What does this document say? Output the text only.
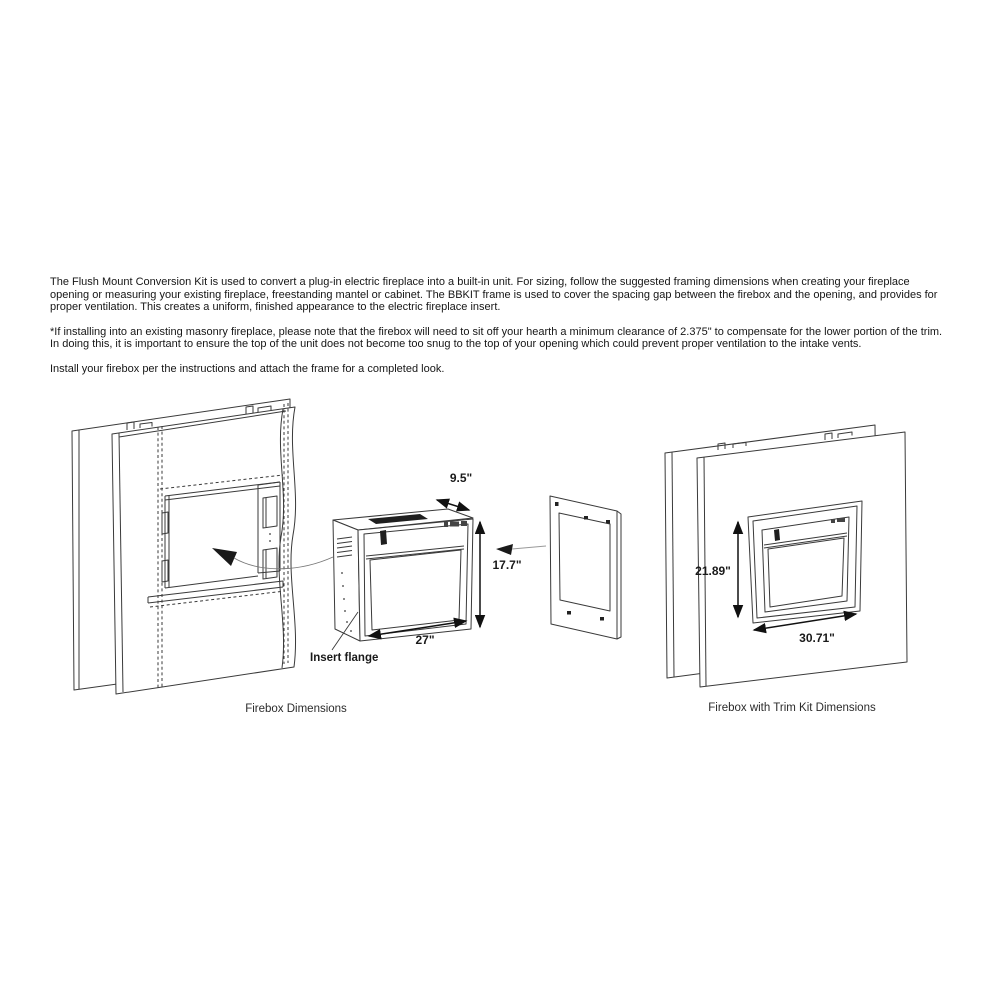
The Flush Mount Conversion Kit is used to convert a plug-in electric fireplace into a built-in unit. For sizing, follow the suggested framing dimensions when creating your fireplace opening or measuring your existing fireplace, freestanding mantel or cabinet. The BBKIT frame is used to cover the spacing gap between the firebox and the opening, and provides for proper ventilation. This creates a uniform, finished appearance to the electric fireplace insert.

*If installing into an existing masonry fireplace, please note that the firebox will need to sit off your hearth a minimum clearance of 2.375" to compensate for the lower portion of the trim. In doing this, it is important to ensure the top of the unit does not become too snug to the top of your opening which could prevent proper ventilation to the intake vents.

Install your firebox per the instructions and attach the frame for a completed look.

9.5"
17.7"
27"
21.89"
30.71"
Insert flange
Firebox Dimensions	Firebox with Trim Kit Dimensions
